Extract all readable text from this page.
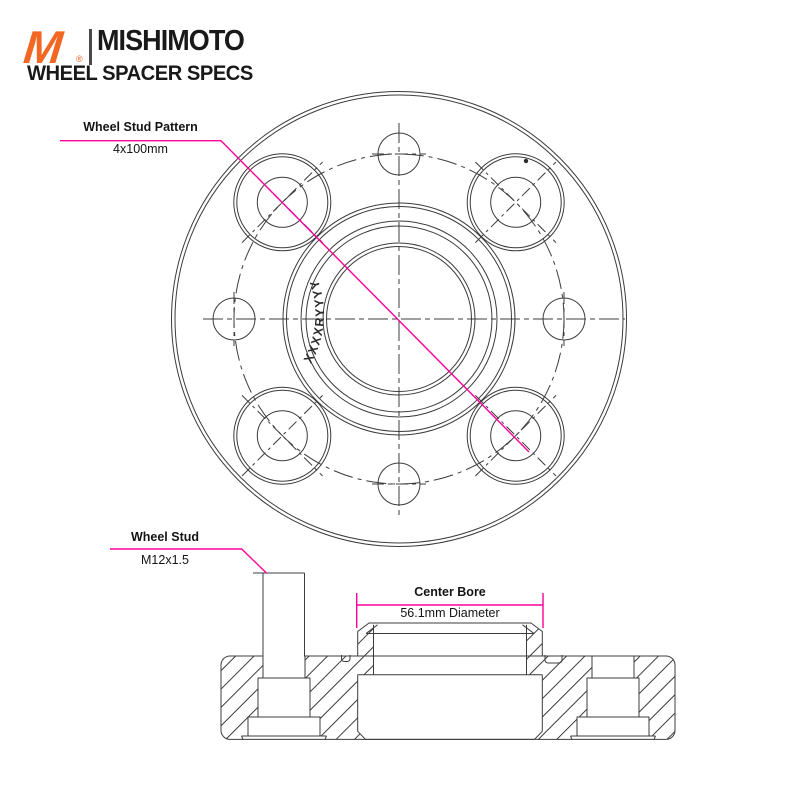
XXXXRYYYY
M ®
MISHIMOTO
WHEEL SPACER SPECS
Wheel Stud Pattern
4x100mm
Wheel Stud
M12x1.5
Center Bore
56.1mm Diameter
